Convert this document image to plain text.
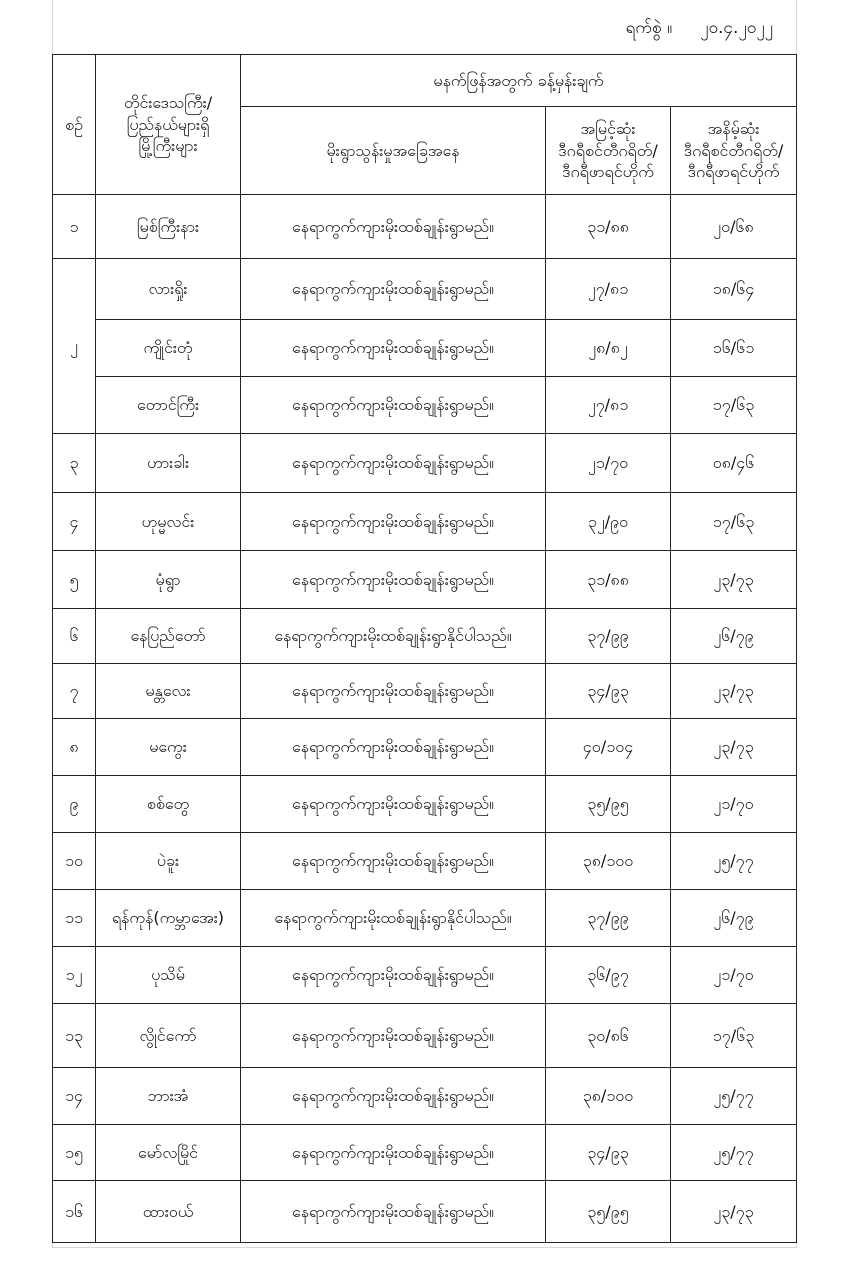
ရက်စွဲ ။ ၂၀.၄.၂၀၂၂
စဉ်	တိုင်းဒေသကြီး/
ပြည်နယ်များရှိ
မြို့ကြီးများ	မနက်ဖြန်အတွက် ခန့်မှန်းချက်		
		မိုးရွာသွန်းမှုအခြေအနေ	အမြင့်ဆုံး
ဒီဂရီစင်တီဂရိတ်/
ဒီဂရီဖာရင်ဟိုက်	အနိမ့်ဆုံး
ဒီဂရီစင်တီဂရိတ်/
ဒီဂရီဖာရင်ဟိုက်
၁	မြစ်ကြီးနား	နေရာကွက်ကျားမိုးထစ်ချုန်းရွာမည်။	၃၁/၈၈	၂၀/၆၈
၂	လားရှိုး	နေရာကွက်ကျားမိုးထစ်ချုန်းရွာမည်။	၂၇/၈၁	၁၈/၆၄
	ကျိုင်းတုံ	နေရာကွက်ကျားမိုးထစ်ချုန်းရွာမည်။	၂၈/၈၂	၁၆/၆၁
	တောင်ကြီး	နေရာကွက်ကျားမိုးထစ်ချုန်းရွာမည်။	၂၇/၈၁	၁၇/၆၃
၃	ဟားခါး	နေရာကွက်ကျားမိုးထစ်ချုန်းရွာမည်။	၂၁/၇၀	၀၈/၄၆
၄	ဟုမ္မလင်း	နေရာကွက်ကျားမိုးထစ်ချုန်းရွာမည်။	၃၂/၉၀	၁၇/၆၃
၅	မုံရွာ	နေရာကွက်ကျားမိုးထစ်ချုန်းရွာမည်။	၃၁/၈၈	၂၃/၇၃
၆	နေပြည်တော်	နေရာကွက်ကျားမိုးထစ်ချုန်းရွာနိုင်ပါသည်။	၃၇/၉၉	၂၆/၇၉
၇	မန္တလေး	နေရာကွက်ကျားမိုးထစ်ချုန်းရွာမည်။	၃၄/၉၃	၂၃/၇၃
၈	မကွေး	နေရာကွက်ကျားမိုးထစ်ချုန်းရွာမည်။	၄၀/၁၀၄	၂၃/၇၃
၉	စစ်တွေ	နေရာကွက်ကျားမိုးထစ်ချုန်းရွာမည်။	၃၅/၉၅	၂၁/၇၀
၁၀	ပဲခူး	နေရာကွက်ကျားမိုးထစ်ချုန်းရွာမည်။	၃၈/၁၀၀	၂၅/၇၇
၁၁	ရန်ကုန်(ကမ္ဘာအေး)	နေရာကွက်ကျားမိုးထစ်ချုန်းရွာနိုင်ပါသည်။	၃၇/၉၉	၂၆/၇၉
၁၂	ပုသိမ်	နေရာကွက်ကျားမိုးထစ်ချုန်းရွာမည်။	၃၆/၉၇	၂၁/၇၀
၁၃	လွိုင်ကော်	နေရာကွက်ကျားမိုးထစ်ချုန်းရွာမည်။	၃၀/၈၆	၁၇/၆၃
၁၄	ဘားအံ	နေရာကွက်ကျားမိုးထစ်ချုန်းရွာမည်။	၃၈/၁၀၀	၂၅/၇၇
၁၅	မော်လမြိုင်	နေရာကွက်ကျားမိုးထစ်ချုန်းရွာမည်။	၃၄/၉၃	၂၅/၇၇
၁၆	ထားဝယ်	နေရာကွက်ကျားမိုးထစ်ချုန်းရွာမည်။	၃၅/၉၅	၂၃/၇၃
